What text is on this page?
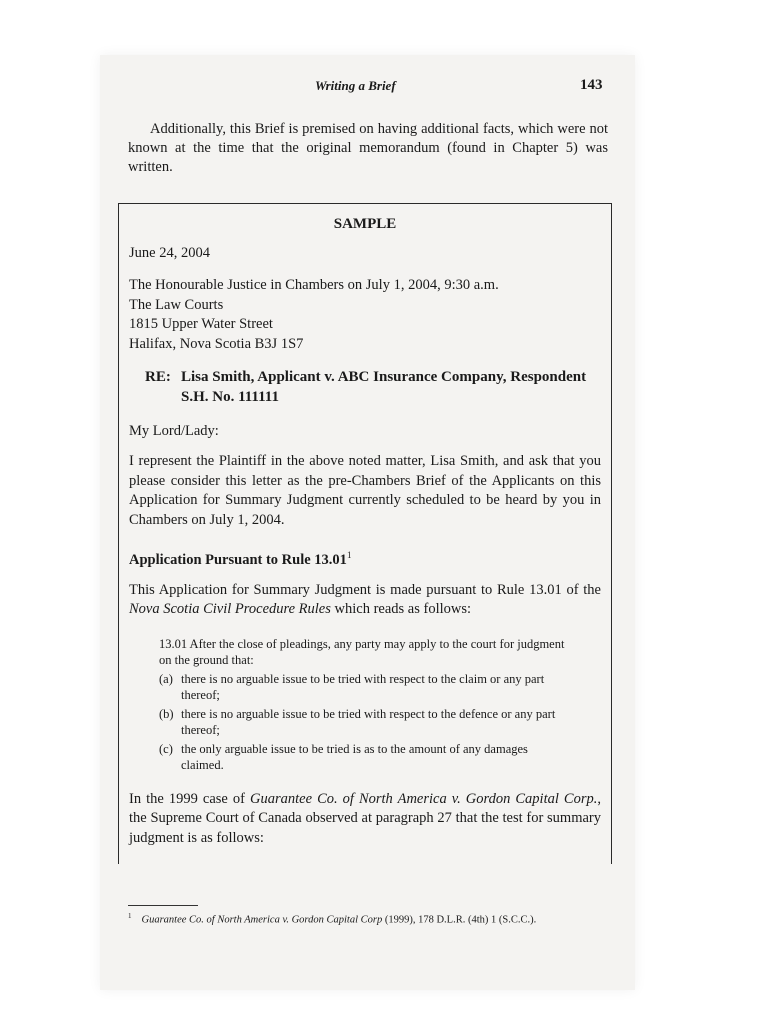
Writing a Brief	143

Additionally, this Brief is premised on having additional facts, which were not known at the time that the original memorandum (found in Chapter 5) was written.

SAMPLE
June 24, 2004
The Honourable Justice in Chambers on July 1, 2004, 9:30 a.m.
The Law Courts
1815 Upper Water Street
Halifax, Nova Scotia B3J 1S7
RE: Lisa Smith, Applicant v. ABC Insurance Company, Respondent
S.H. No. 111111
My Lord/Lady:
I represent the Plaintiff in the above noted matter, Lisa Smith, and ask that you please consider this letter as the pre-Chambers Brief of the Applicants on this Application for Summary Judgment currently scheduled to be heard by you in Chambers on July 1, 2004.
Application Pursuant to Rule 13.01$^1$
This Application for Summary Judgment is made pursuant to Rule 13.01 of the Nova Scotia Civil Procedure Rules which reads as follows:
13.01 After the close of pleadings, any party may apply to the court for judgment on the ground that:
(a) there is no arguable issue to be tried with respect to the claim or any part thereof;
(b) there is no arguable issue to be tried with respect to the defence or any part thereof;
(c) the only arguable issue to be tried is as to the amount of any damages claimed.
In the 1999 case of Guarantee Co. of North America v. Gordon Capital Corp., the Supreme Court of Canada observed at paragraph 27 that the test for summary judgment is as follows:
$^1$ Guarantee Co. of North America v. Gordon Capital Corp (1999), 178 D.L.R. (4th) 1 (S.C.C.).
